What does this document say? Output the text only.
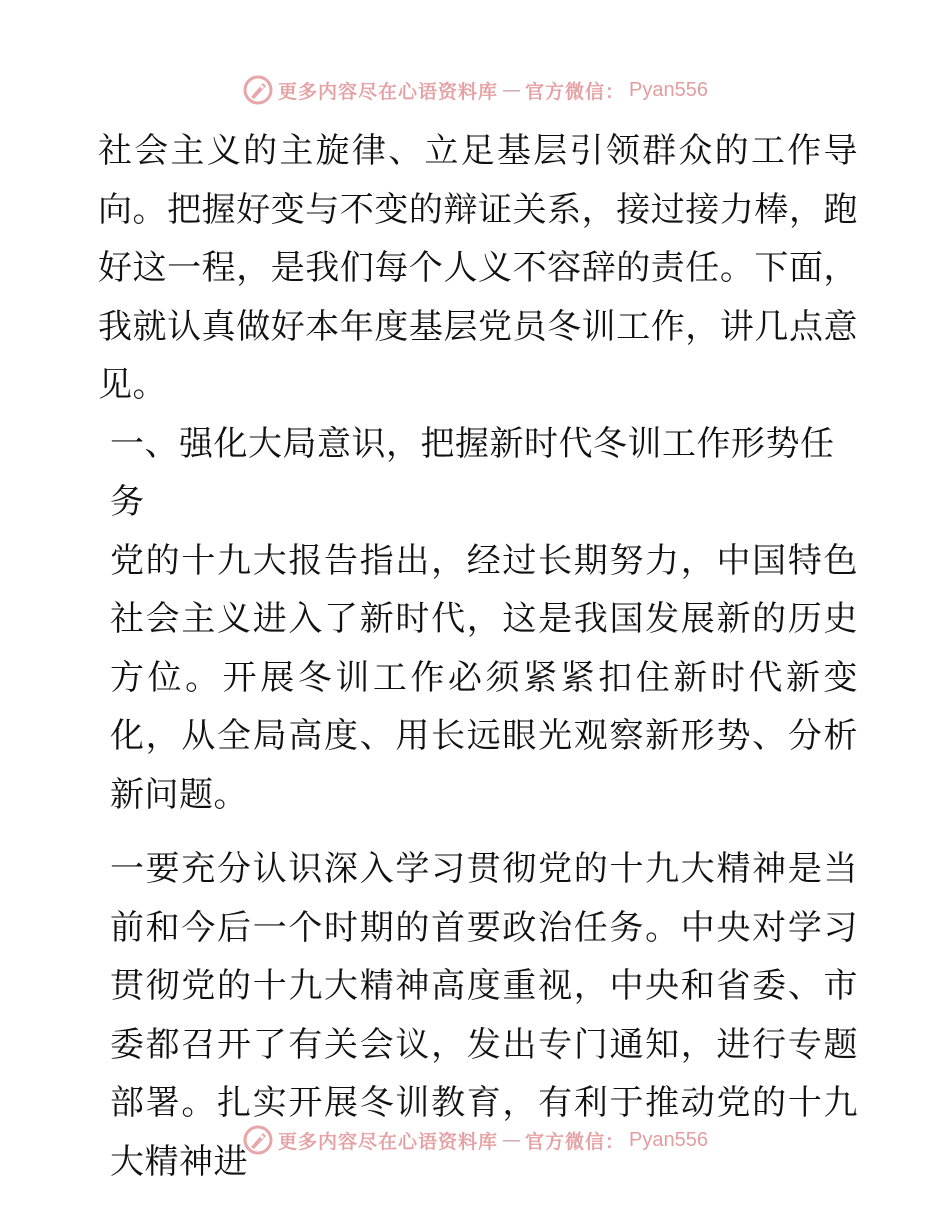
更多内容尽在心语资料库 — 官方微信： Pyan556

社会主义的主旋律、立足基层引领群众的工作导向。把握好变与不变的辩证关系，接过接力棒，跑好这一程，是我们每个人义不容辞的责任。下面，我就认真做好本年度基层党员冬训工作，讲几点意见。

一、强化大局意识，把握新时代冬训工作形势任务

党的十九大报告指出，经过长期努力，中国特色社会主义进入了新时代，这是我国发展新的历史方位。开展冬训工作必须紧紧扣住新时代新变化，从全局高度、用长远眼光观察新形势、分析新问题。

一要充分认识深入学习贯彻党的十九大精神是当前和今后一个时期的首要政治任务。中央对学习贯彻党的十九大精神高度重视，中央和省委、市委都召开了有关会议，发出专门通知，进行专题部署。扎实开展冬训教育，有利于推动党的十九大精神进	更多内容尽在心语资料库 — 官方微信： Pyan556
